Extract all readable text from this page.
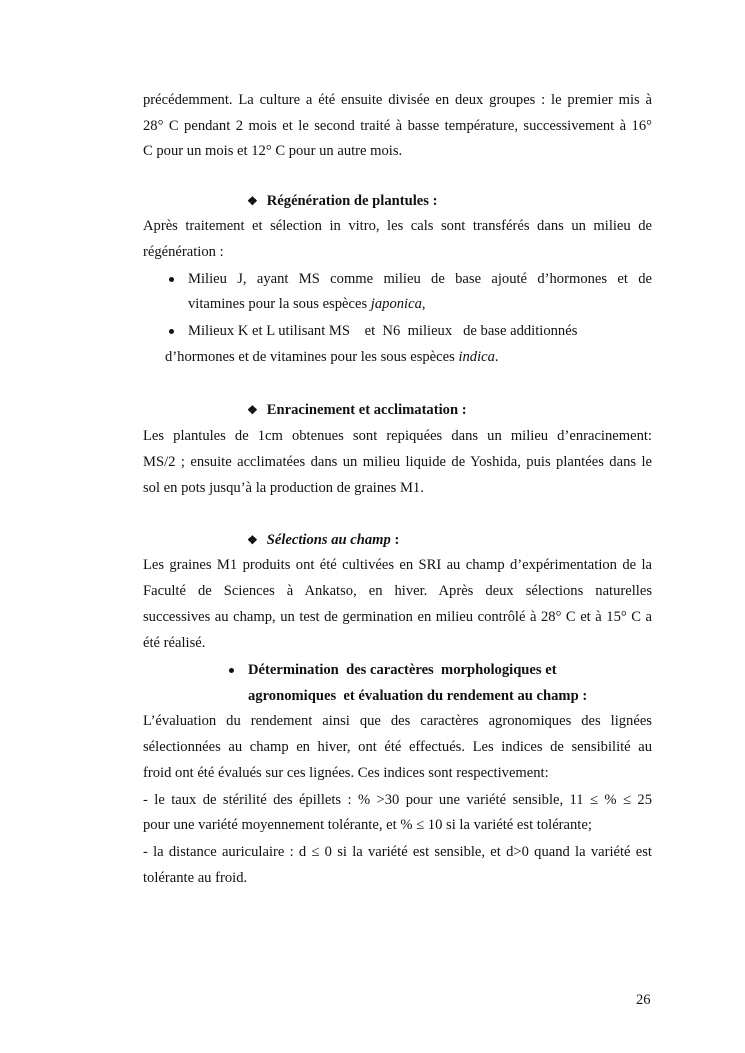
précédemment. La culture a été ensuite divisée en deux groupes : le premier mis à
28° C pendant 2 mois et le second traité à basse température, successivement à 16°
C pour un mois et 12° C pour un autre mois.
❖ Régénération de plantules :
Après traitement et sélection in vitro, les cals sont transférés dans un milieu de
régénération :
Milieu J, ayant MS comme milieu de base ajouté d’hormones et de
vitamines pour la sous espèces japonica,
Milieux K et L utilisant MS    et  N6  milieux   de base additionnés
d’hormones et de vitamines pour les sous espèces indica.
❖ Enracinement et acclimatation :
Les plantules de 1cm obtenues sont repiquées dans un milieu d’enracinement:
MS/2 ; ensuite acclimatées dans un milieu liquide de Yoshida, puis plantées dans le
sol en pots jusqu’à la production de graines M1.
❖ Sélections au champ :
Les graines M1 produits ont été cultivées en SRI au champ d’expérimentation de la
Faculté de Sciences à Ankatso, en hiver. Après deux sélections naturelles
successives au champ, un test de germination en milieu contrôlé à 28° C et à 15° C a
été réalisé.
Détermination  des caractères  morphologiques et
agronomiques  et évaluation du rendement au champ :
L’évaluation du rendement ainsi que des caractères agronomiques des lignées
sélectionnées au champ en hiver, ont été effectués. Les indices de sensibilité au
froid ont été évalués sur ces lignées. Ces indices sont respectivement:
- le taux de stérilité des épillets : % >30 pour une variété sensible, 11 ≤ % ≤ 25
pour une variété moyennement tolérante, et % ≤ 10 si la variété est tolérante;
- la distance auriculaire : d ≤ 0 si la variété est sensible, et d>0 quand la variété est
tolérante au froid.
26
